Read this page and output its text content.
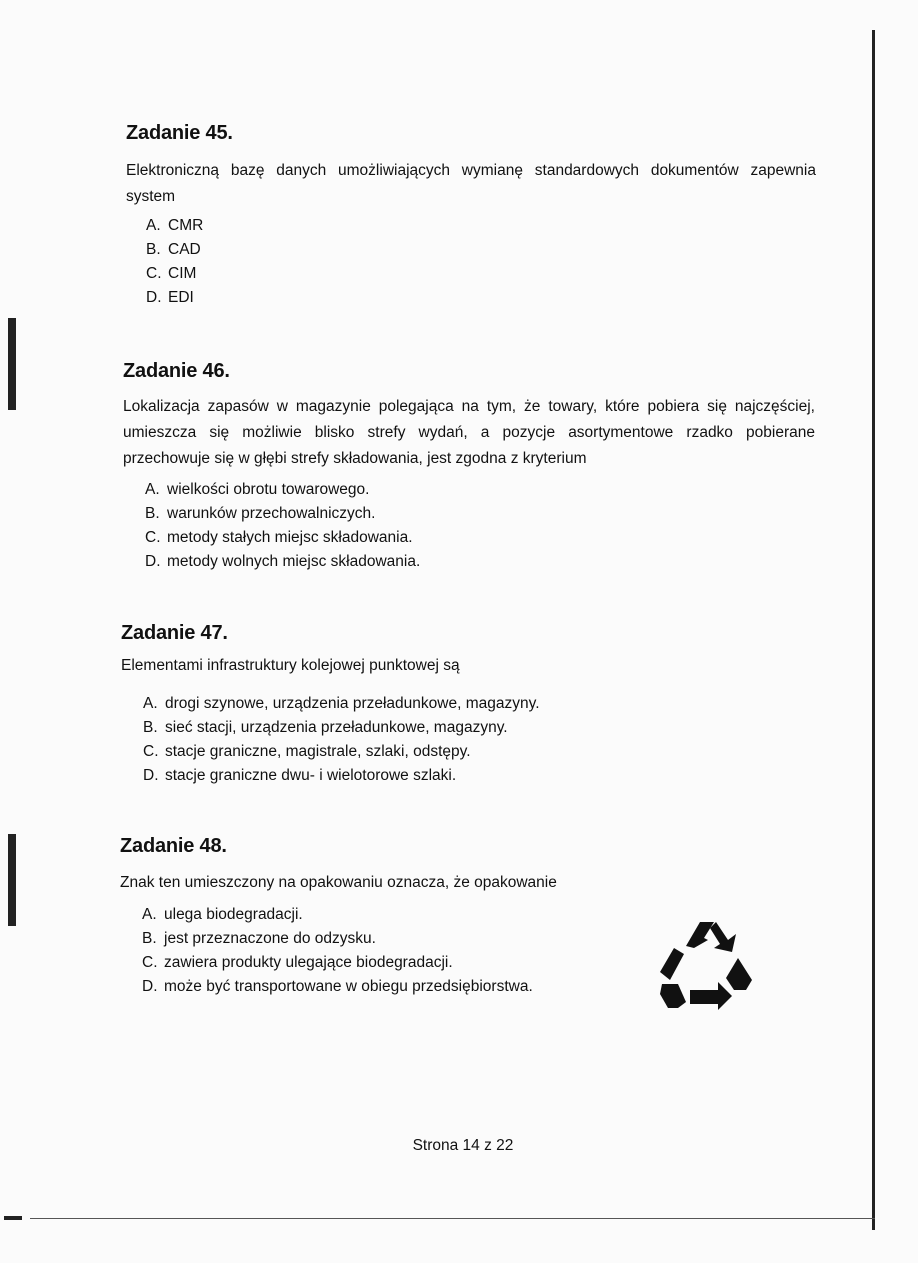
Zadanie 45.
Elektroniczną bazę danych umożliwiających wymianę standardowych dokumentów zapewnia system
A. CMR
B. CAD
C. CIM
D. EDI
Zadanie 46.
Lokalizacja zapasów w magazynie polegająca na tym, że towary, które pobiera się najczęściej, umieszcza się możliwie blisko strefy wydań, a pozycje asortymentowe rzadko pobierane przechowuje się w głębi strefy składowania, jest zgodna z kryterium
A. wielkości obrotu towarowego.
B. warunków przechowalniczych.
C. metody stałych miejsc składowania.
D. metody wolnych miejsc składowania.
Zadanie 47.
Elementami infrastruktury kolejowej punktowej są
A. drogi szynowe, urządzenia przeładunkowe, magazyny.
B. sieć stacji, urządzenia przeładunkowe, magazyny.
C. stacje graniczne, magistrale, szlaki, odstępy.
D. stacje graniczne dwu- i wielotorowe szlaki.
Zadanie 48.
Znak ten umieszczony na opakowaniu oznacza, że opakowanie
A. ulega biodegradacji.
B. jest przeznaczone do odzysku.
C. zawiera produkty ulegające biodegradacji.
D. może być transportowane w obiegu przedsiębiorstwa.
Strona 14 z 22
